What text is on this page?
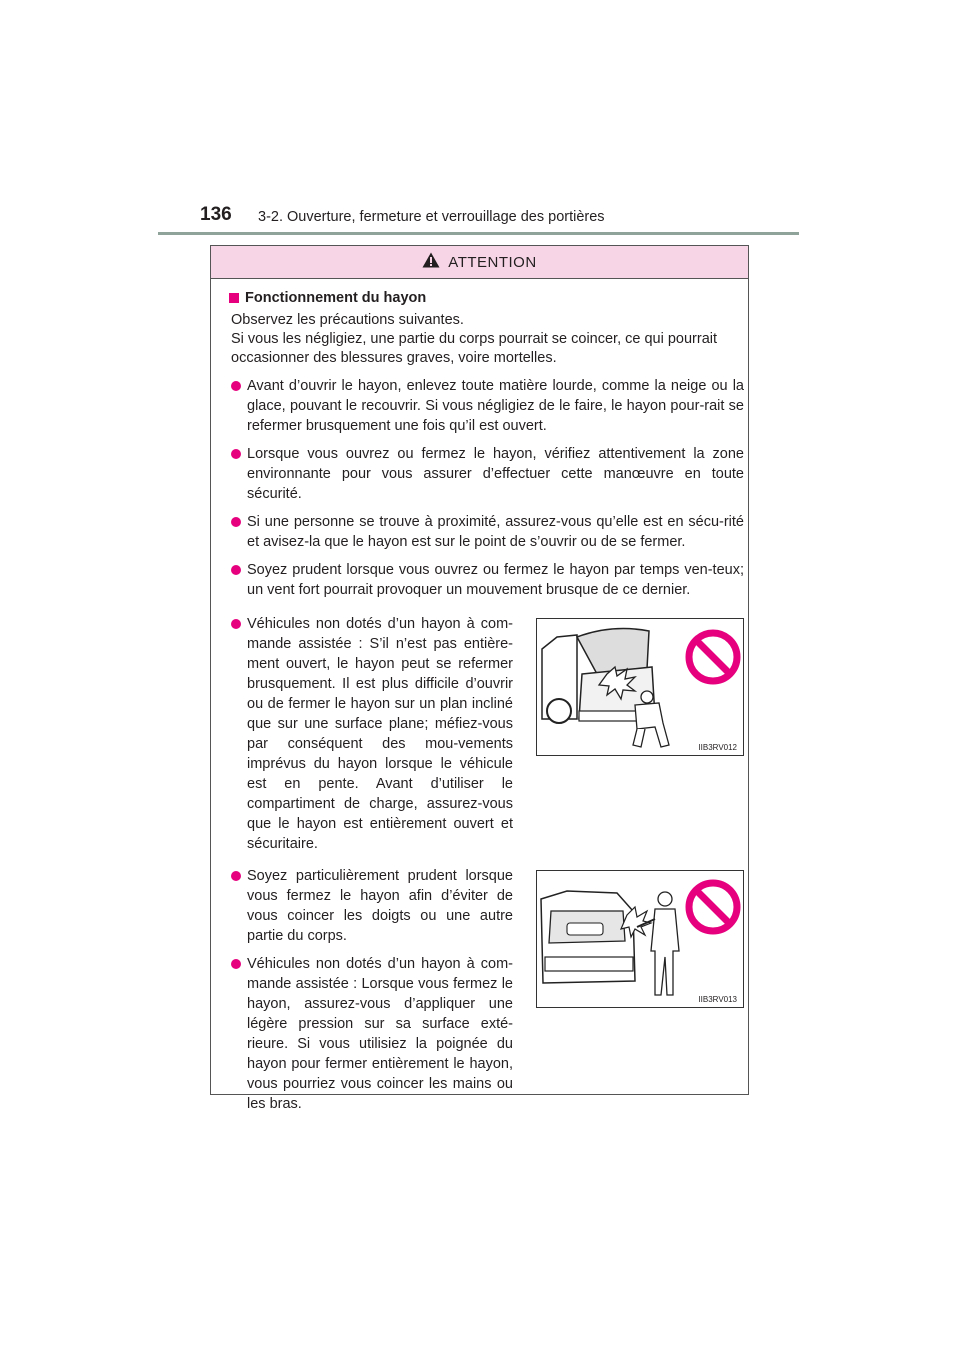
136 3-2. Ouverture, fermeture et verrouillage des portières
ATTENTION
Fonctionnement du hayon

Observez les précautions suivantes.

Si vous les négligiez, une partie du corps pourrait se coincer, ce qui pourrait occasionner des blessures graves, voire mortelles.

Avant d’ouvrir le hayon, enlevez toute matière lourde, comme la neige ou la glace, pouvant le recouvrir. Si vous négligiez de le faire, le hayon pour-rait se refermer brusquement une fois qu’il est ouvert.
Lorsque vous ouvrez ou fermez le hayon, vérifiez attentivement la zone environnante pour vous assurer d’effectuer cette manœuvre en toute sécurité.
Si une personne se trouve à proximité, assurez-vous qu’elle est en sécu-rité et avisez-la que le hayon est sur le point de s’ouvrir ou de se fermer.
Soyez prudent lorsque vous ouvrez ou fermez le hayon par temps ven-teux; un vent fort pourrait provoquer un mouvement brusque de ce dernier.
Véhicules non dotés d’un hayon à com-mande assistée : S’il n’est pas entière-ment ouvert, le hayon peut se refermer brusquement. Il est plus difficile d’ouvrir ou de fermer le hayon sur un plan incliné que sur une surface plane; méfiez-vous par conséquent des mou-vements imprévus du hayon lorsque le véhicule est en pente. Avant d’utiliser le compartiment de charge, assurez-vous que le hayon est entièrement ouvert et sécuritaire.
IIB3RV012
Soyez particulièrement prudent lorsque vous fermez le hayon afin d’éviter de vous coincer les doigts ou une autre partie du corps.
Véhicules non dotés d’un hayon à com-mande assistée : Lorsque vous fermez le hayon, assurez-vous d’appliquer une légère pression sur sa surface exté-rieure. Si vous utilisiez la poignée du hayon pour fermer entièrement le hayon, vous pourriez vous coincer les mains ou les bras.
IIB3RV013
